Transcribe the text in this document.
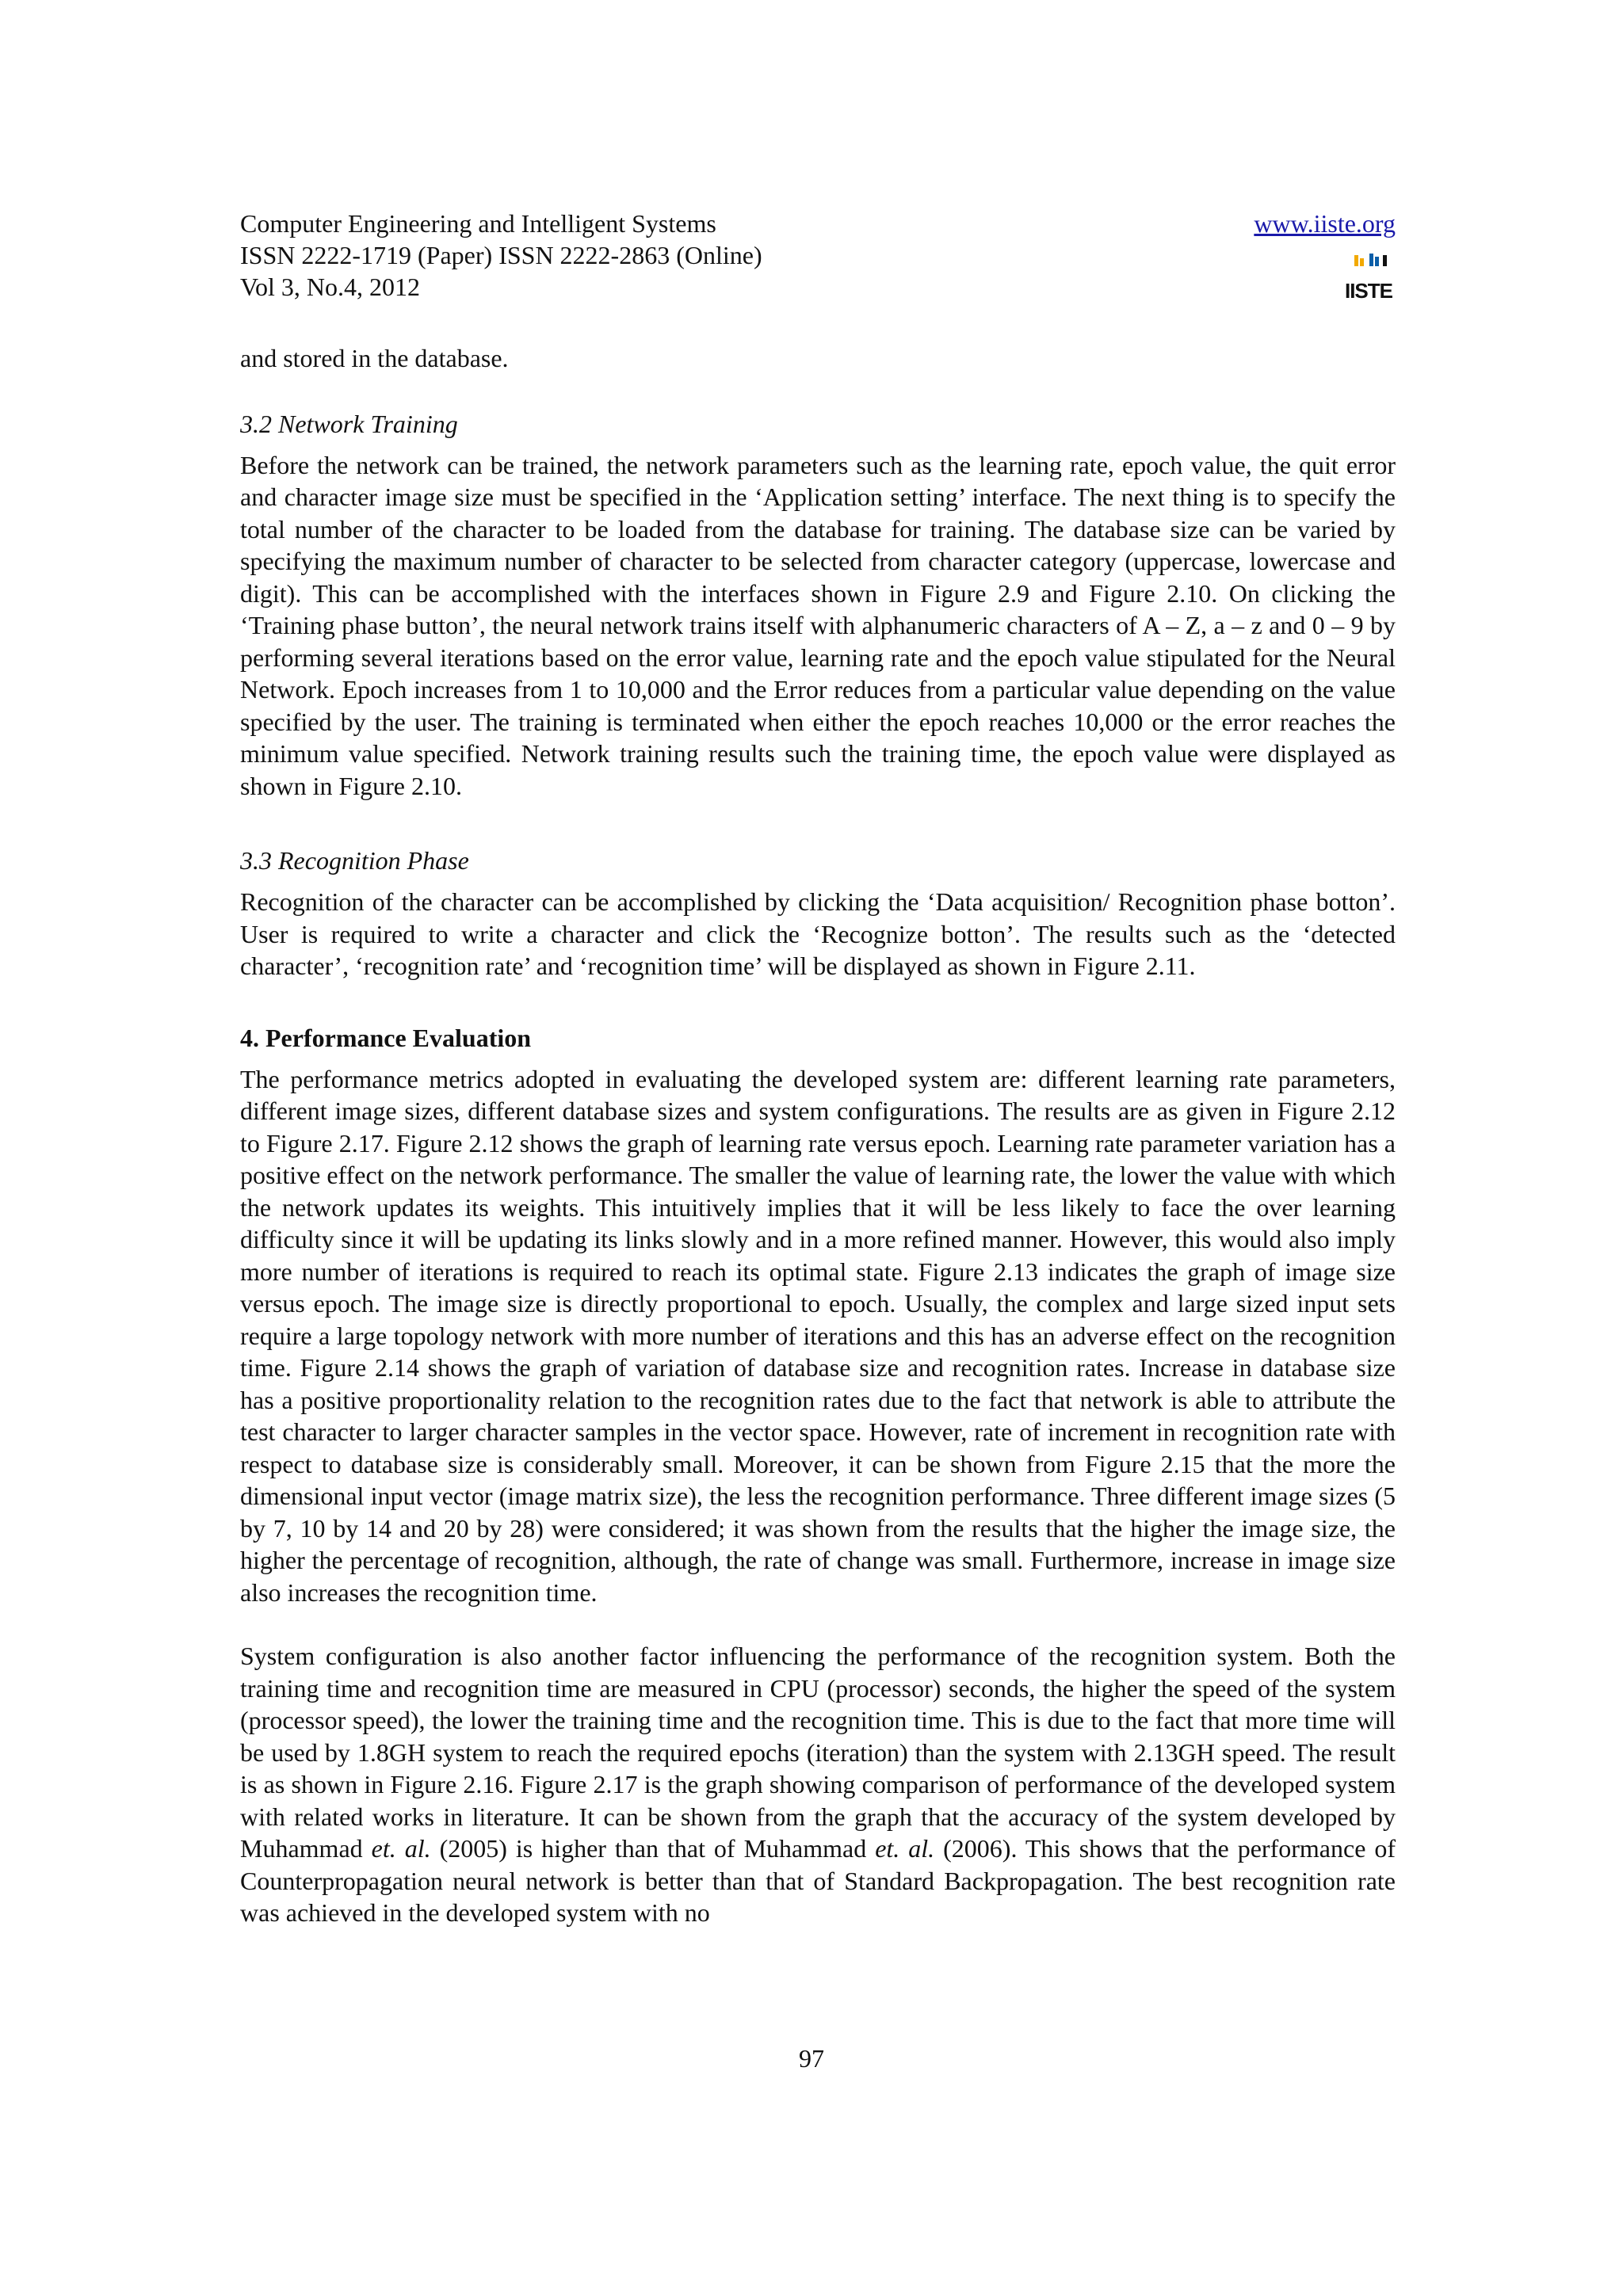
Computer Engineering and Intelligent Systems
ISSN 2222-1719 (Paper) ISSN 2222-2863 (Online)
Vol 3, No.4, 2012
www.iiste.org
IISTE

and stored in the database.

3.2 Network Training

Before the network can be trained, the network parameters such as the learning rate, epoch value, the quit error and character image size must be specified in the ‘Application setting’ interface. The next thing is to specify the total number of the character to be loaded from the database for training. The database size can be varied by specifying the maximum number of character to be selected from character category (uppercase, lowercase and digit). This can be accomplished with the interfaces shown in Figure 2.9 and Figure 2.10. On clicking the ‘Training phase button’, the neural network trains itself with alphanumeric characters of A – Z, a – z and 0 – 9 by performing several iterations based on the error value, learning rate and the epoch value stipulated for the Neural Network. Epoch increases from 1 to 10,000 and the Error reduces from a particular value depending on the value specified by the user. The training is terminated when either the epoch reaches 10,000 or the error reaches the minimum value specified. Network training results such the training time, the epoch value were displayed as shown in Figure 2.10.

3.3 Recognition Phase

Recognition of the character can be accomplished by clicking the ‘Data acquisition/ Recognition phase botton’. User is required to write a character and click the ‘Recognize botton’. The results such as the ‘detected character’, ‘recognition rate’ and ‘recognition time’ will be displayed as shown in Figure 2.11.

4. Performance Evaluation

The performance metrics adopted in evaluating the developed system are: different learning rate parameters, different image sizes, different database sizes and system configurations. The results are as given in Figure 2.12 to Figure 2.17. Figure 2.12 shows the graph of learning rate versus epoch. Learning rate parameter variation has a positive effect on the network performance. The smaller the value of learning rate, the lower the value with which the network updates its weights. This intuitively implies that it will be less likely to face the over learning difficulty since it will be updating its links slowly and in a more refined manner. However, this would also imply more number of iterations is required to reach its optimal state. Figure 2.13 indicates the graph of image size versus epoch. The image size is directly proportional to epoch. Usually, the complex and large sized input sets require a large topology network with more number of iterations and this has an adverse effect on the recognition time. Figure 2.14 shows the graph of variation of database size and recognition rates. Increase in database size has a positive proportionality relation to the recognition rates due to the fact that network is able to attribute the test character to larger character samples in the vector space. However, rate of increment in recognition rate with respect to database size is considerably small. Moreover, it can be shown from Figure 2.15 that the more the dimensional input vector (image matrix size), the less the recognition performance. Three different image sizes (5 by 7, 10 by 14 and 20 by 28) were considered; it was shown from the results that the higher the image size, the higher the percentage of recognition, although, the rate of change was small. Furthermore, increase in image size also increases the recognition time.

System configuration is also another factor influencing the performance of the recognition system. Both the training time and recognition time are measured in CPU (processor) seconds, the higher the speed of the system (processor speed), the lower the training time and the recognition time. This is due to the fact that more time will be used by 1.8GH system to reach the required epochs (iteration) than the system with 2.13GH speed. The result is as shown in Figure 2.16. Figure 2.17 is the graph showing comparison of performance of the developed system with related works in literature. It can be shown from the graph that the accuracy of the system developed by Muhammad et. al. (2005) is higher than that of Muhammad et. al. (2006). This shows that the performance of Counterpropagation neural network is better than that of Standard Backpropagation. The best recognition rate was achieved in the developed system with no

97
